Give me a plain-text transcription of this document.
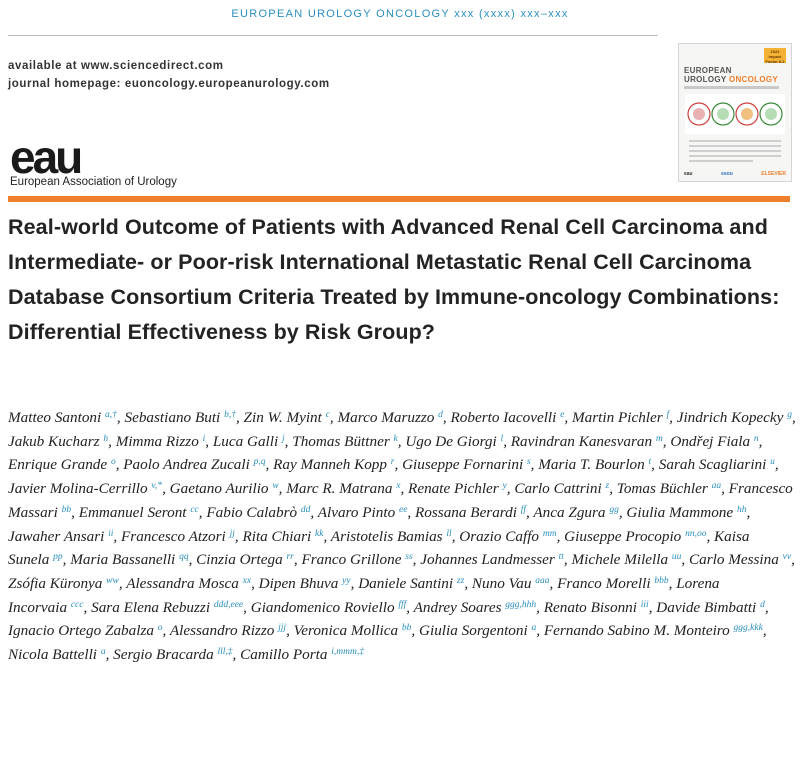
EUROPEAN UROLOGY ONCOLOGY xxx (xxxx) xxx–xxx
available at www.sciencedirect.com
journal homepage: euoncology.europeanurology.com
2022 Impact Factor 8.2
EUROPEAN
UROLOGY ONCOLOGY
eau	esou	ELSEVIER
eau
European Association of Urology
Real-world Outcome of Patients with Advanced Renal Cell Carcinoma and Intermediate- or Poor-risk International Metastatic Renal Cell Carcinoma Database Consortium Criteria Treated by Immune-oncology Combinations: Differential Effectiveness by Risk Group?

Matteo Santoni $^{a,\dagger}$, Sebastiano Buti $^{b,\dagger}$, Zin W. Myint $^c$, Marco Maruzzo $^d$, Roberto Iacovelli $^e$, Martin Pichler $^f$, Jindrich Kopecky $^g$, Jakub Kucharz $^h$, Mimma Rizzo $^i$, Luca Galli $^j$, Thomas Büttner $^k$, Ugo De Giorgi $^l$, Ravindran Kanesvaran $^m$, Ondřej Fiala $^n$, Enrique Grande $^o$, Paolo Andrea Zucali $^{p,q}$, Ray Manneh Kopp $^r$, Giuseppe Fornarini $^s$, Maria T. Bourlon $^t$, Sarah Scagliarini $^u$, Javier Molina-Cerrillo $^{v,*}$, Gaetano Aurilio $^w$, Marc R. Matrana $^x$, Renate Pichler $^y$, Carlo Cattrini $^z$, Tomas Büchler $^{aa}$, Francesco Massari $^{bb}$, Emmanuel Seront $^{cc}$, Fabio Calabrò $^{dd}$, Alvaro Pinto $^{ee}$, Rossana Berardi $^{ff}$, Anca Zgura $^{gg}$, Giulia Mammone $^{hh}$, Jawaher Ansari $^{ii}$, Francesco Atzori $^{jj}$, Rita Chiari $^{kk}$, Aristotelis Bamias $^{ll}$, Orazio Caffo $^{mm}$, Giuseppe Procopio $^{nn,oo}$, Kaisa Sunela $^{pp}$, Maria Bassanelli $^{qq}$, Cinzia Ortega $^{rr}$, Franco Grillone $^{ss}$, Johannes Landmesser $^{tt}$, Michele Milella $^{uu}$, Carlo Messina $^{vv}$, Zsófia Küronya $^{ww}$, Alessandra Mosca $^{xx}$, Dipen Bhuva $^{yy}$, Daniele Santini $^{zz}$, Nuno Vau $^{aaa}$, Franco Morelli $^{bbb}$, Lorena Incorvaia $^{ccc}$, Sara Elena Rebuzzi $^{ddd,eee}$, Giandomenico Roviello $^{fff}$, Andrey Soares $^{ggg,hhh}$, Renato Bisonni $^{iii}$, Davide Bimbatti $^d$, Ignacio Ortego Zabalza $^o$, Alessandro Rizzo $^{jjj}$, Veronica Mollica $^{bb}$, Giulia Sorgentoni $^a$, Fernando Sabino M. Monteiro $^{ggg,kkk}$, Nicola Battelli $^a$, Sergio Bracarda $^{lll,\ddagger}$, Camillo Porta $^{i,mmm,\ddagger}$
